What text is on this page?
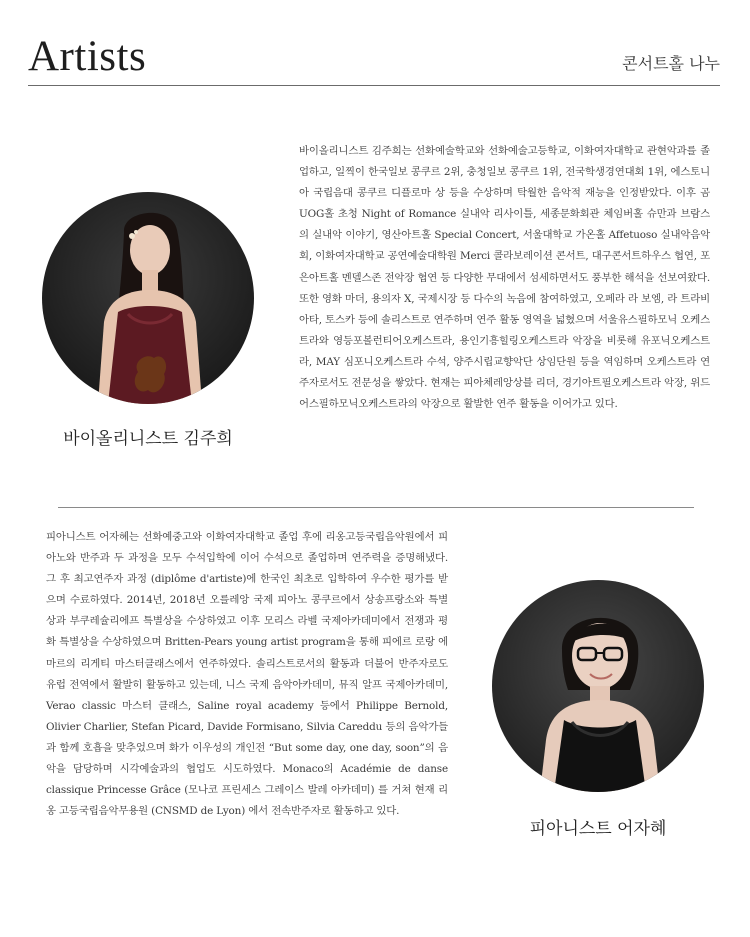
Artists	콘서트홀 나누
바이올리니스트 김주희

바이올리니스트 김주희는 선화예술학교와 선화예술고등학교, 이화여자대학교 관현악과를 졸업하고, 일찍이 한국일보 콩쿠르 2위, 충청일보 콩쿠르 1위, 전국학생경연대회 1위, 에스토니아 국립음대 콩쿠르 디플로마 상 등을 수상하며 탁월한 음악적 재능을 인정받았다. 이후 곰 UOG홀 초청 Night of Romance 실내악 리사이틀, 세종문화회관 체임버홀 슈만과 브람스의 실내악 이야기, 영산아트홀 Special Concert, 서울대학교 가온홀 Affetuoso 실내악음악회, 이화여자대학교 공연예술대학원 Merci 콜라보레이션 콘서트, 대구콘서트하우스 협연, 포은아트홀 멘델스존 전악장 협연 등 다양한 무대에서 섬세하면서도 풍부한 해석을 선보여왔다. 또한 영화 마더, 용의자 X, 국제시장 등 다수의 녹음에 참여하였고, 오페라 라 보엠, 라 트라비아타, 토스카 등에 솔리스트로 연주하며 연주 활동 영역을 넓혔으며 서울유스필하모닉 오케스트라와 영등포볼런티어오케스트라, 용인기흥힐링오케스트라 악장을 비롯해 유포닉오케스트라, MAY 심포니오케스트라 수석, 양주시립교향악단 상임단원 등을 역임하며 오케스트라 연주자로서도 전문성을 쌓았다. 현재는 피아체레앙상블 리더, 경기아트필오케스트라 악장, 위드어스필하모닉오케스트라의 악장으로 활발한 연주 활동을 이어가고 있다.

피아니스트 어자혜는 선화예중고와 이화여자대학교 졸업 후에 리옹고등국립음악원에서 피아노와 반주과 두 과정을 모두 수석입학에 이어 수석으로 졸업하며 연주력을 증명해냈다. 그 후 최고연주자 과정 (diplôme d'artiste)에 한국인 최초로 입학하여 우수한 평가를 받으며 수료하였다. 2014년, 2018년 오를레앙 국제 피아노 콩쿠르에서 상송프랑소와 특별상과 부쿠레슐리에프 특별상을 수상하였고 이후 모리스 라벨 국제아카데미에서 전쟁과 평화 특별상을 수상하였으며 Britten-Pears young artist program을 통해 피에르 로랑 에마르의 리게티 마스터클래스에서 연주하였다. 솔리스트로서의 활동과 더불어 반주자로도 유럽 전역에서 활발히 활동하고 있는데, 니스 국제 음악아카데미, 뮤직 알프 국제아카데미, Verao classic 마스터 클래스, Saline royal academy 등에서 Philippe Bernold, Olivier Charlier, Stefan Picard, Davide Formisano, Silvia Careddu 등의 음악가들과 함께 호흡을 맞추었으며 화가 이우성의 개인전 “But some day, one day, soon”의 음악을 담당하며 시각예술과의 협업도 시도하였다. Monaco의 Académie de danse classique Princesse Grâce (모나코 프린세스 그레이스 발레 아카데미) 를 거쳐 현재 리옹 고등국립음악무용원 (CNSMD de Lyon) 에서 전속반주자로 활동하고 있다.

피아니스트 어자혜
